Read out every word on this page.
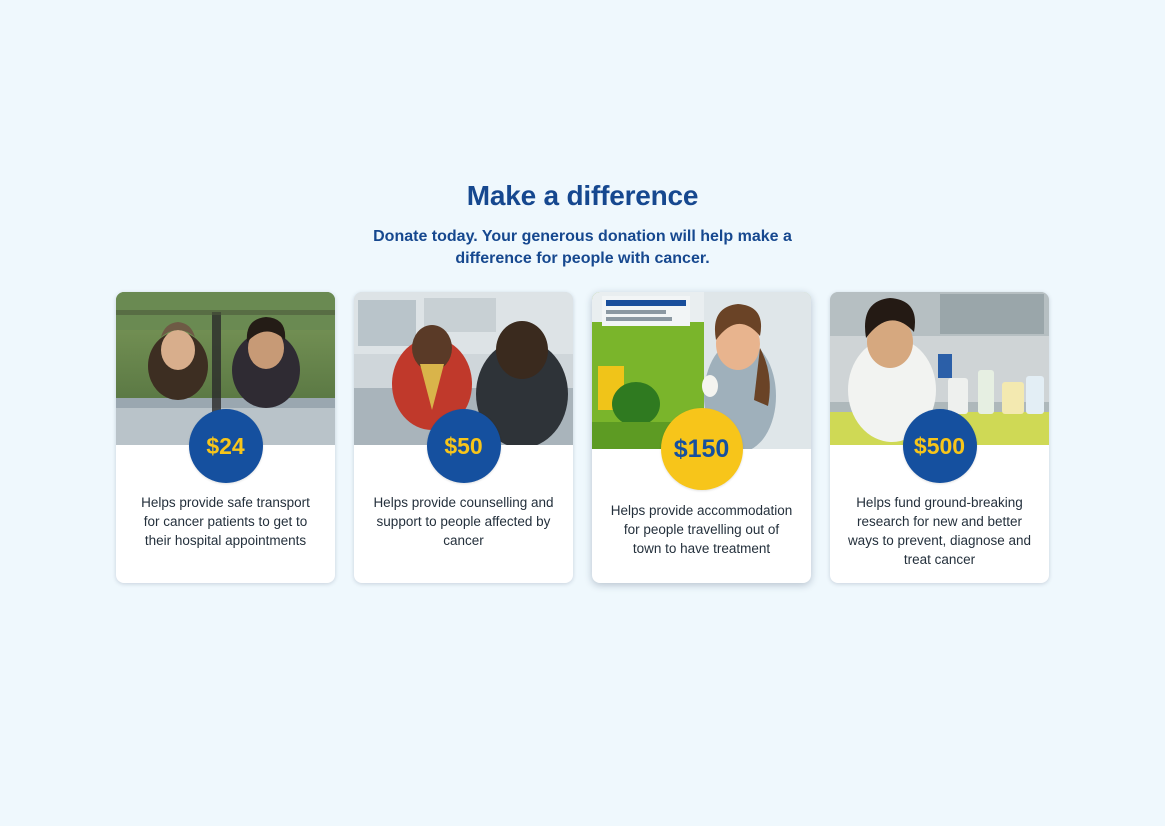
Make a difference

Donate today. Your generous donation will help make a difference for people with cancer.

$24

Helps provide safe transport for cancer patients to get to their hospital appointments

$50

Helps provide counselling and support to people affected by cancer

$150

Helps provide accommodation for people travelling out of town to have treatment

$500

Helps fund ground-breaking research for new and better ways to prevent, diagnose and treat cancer
